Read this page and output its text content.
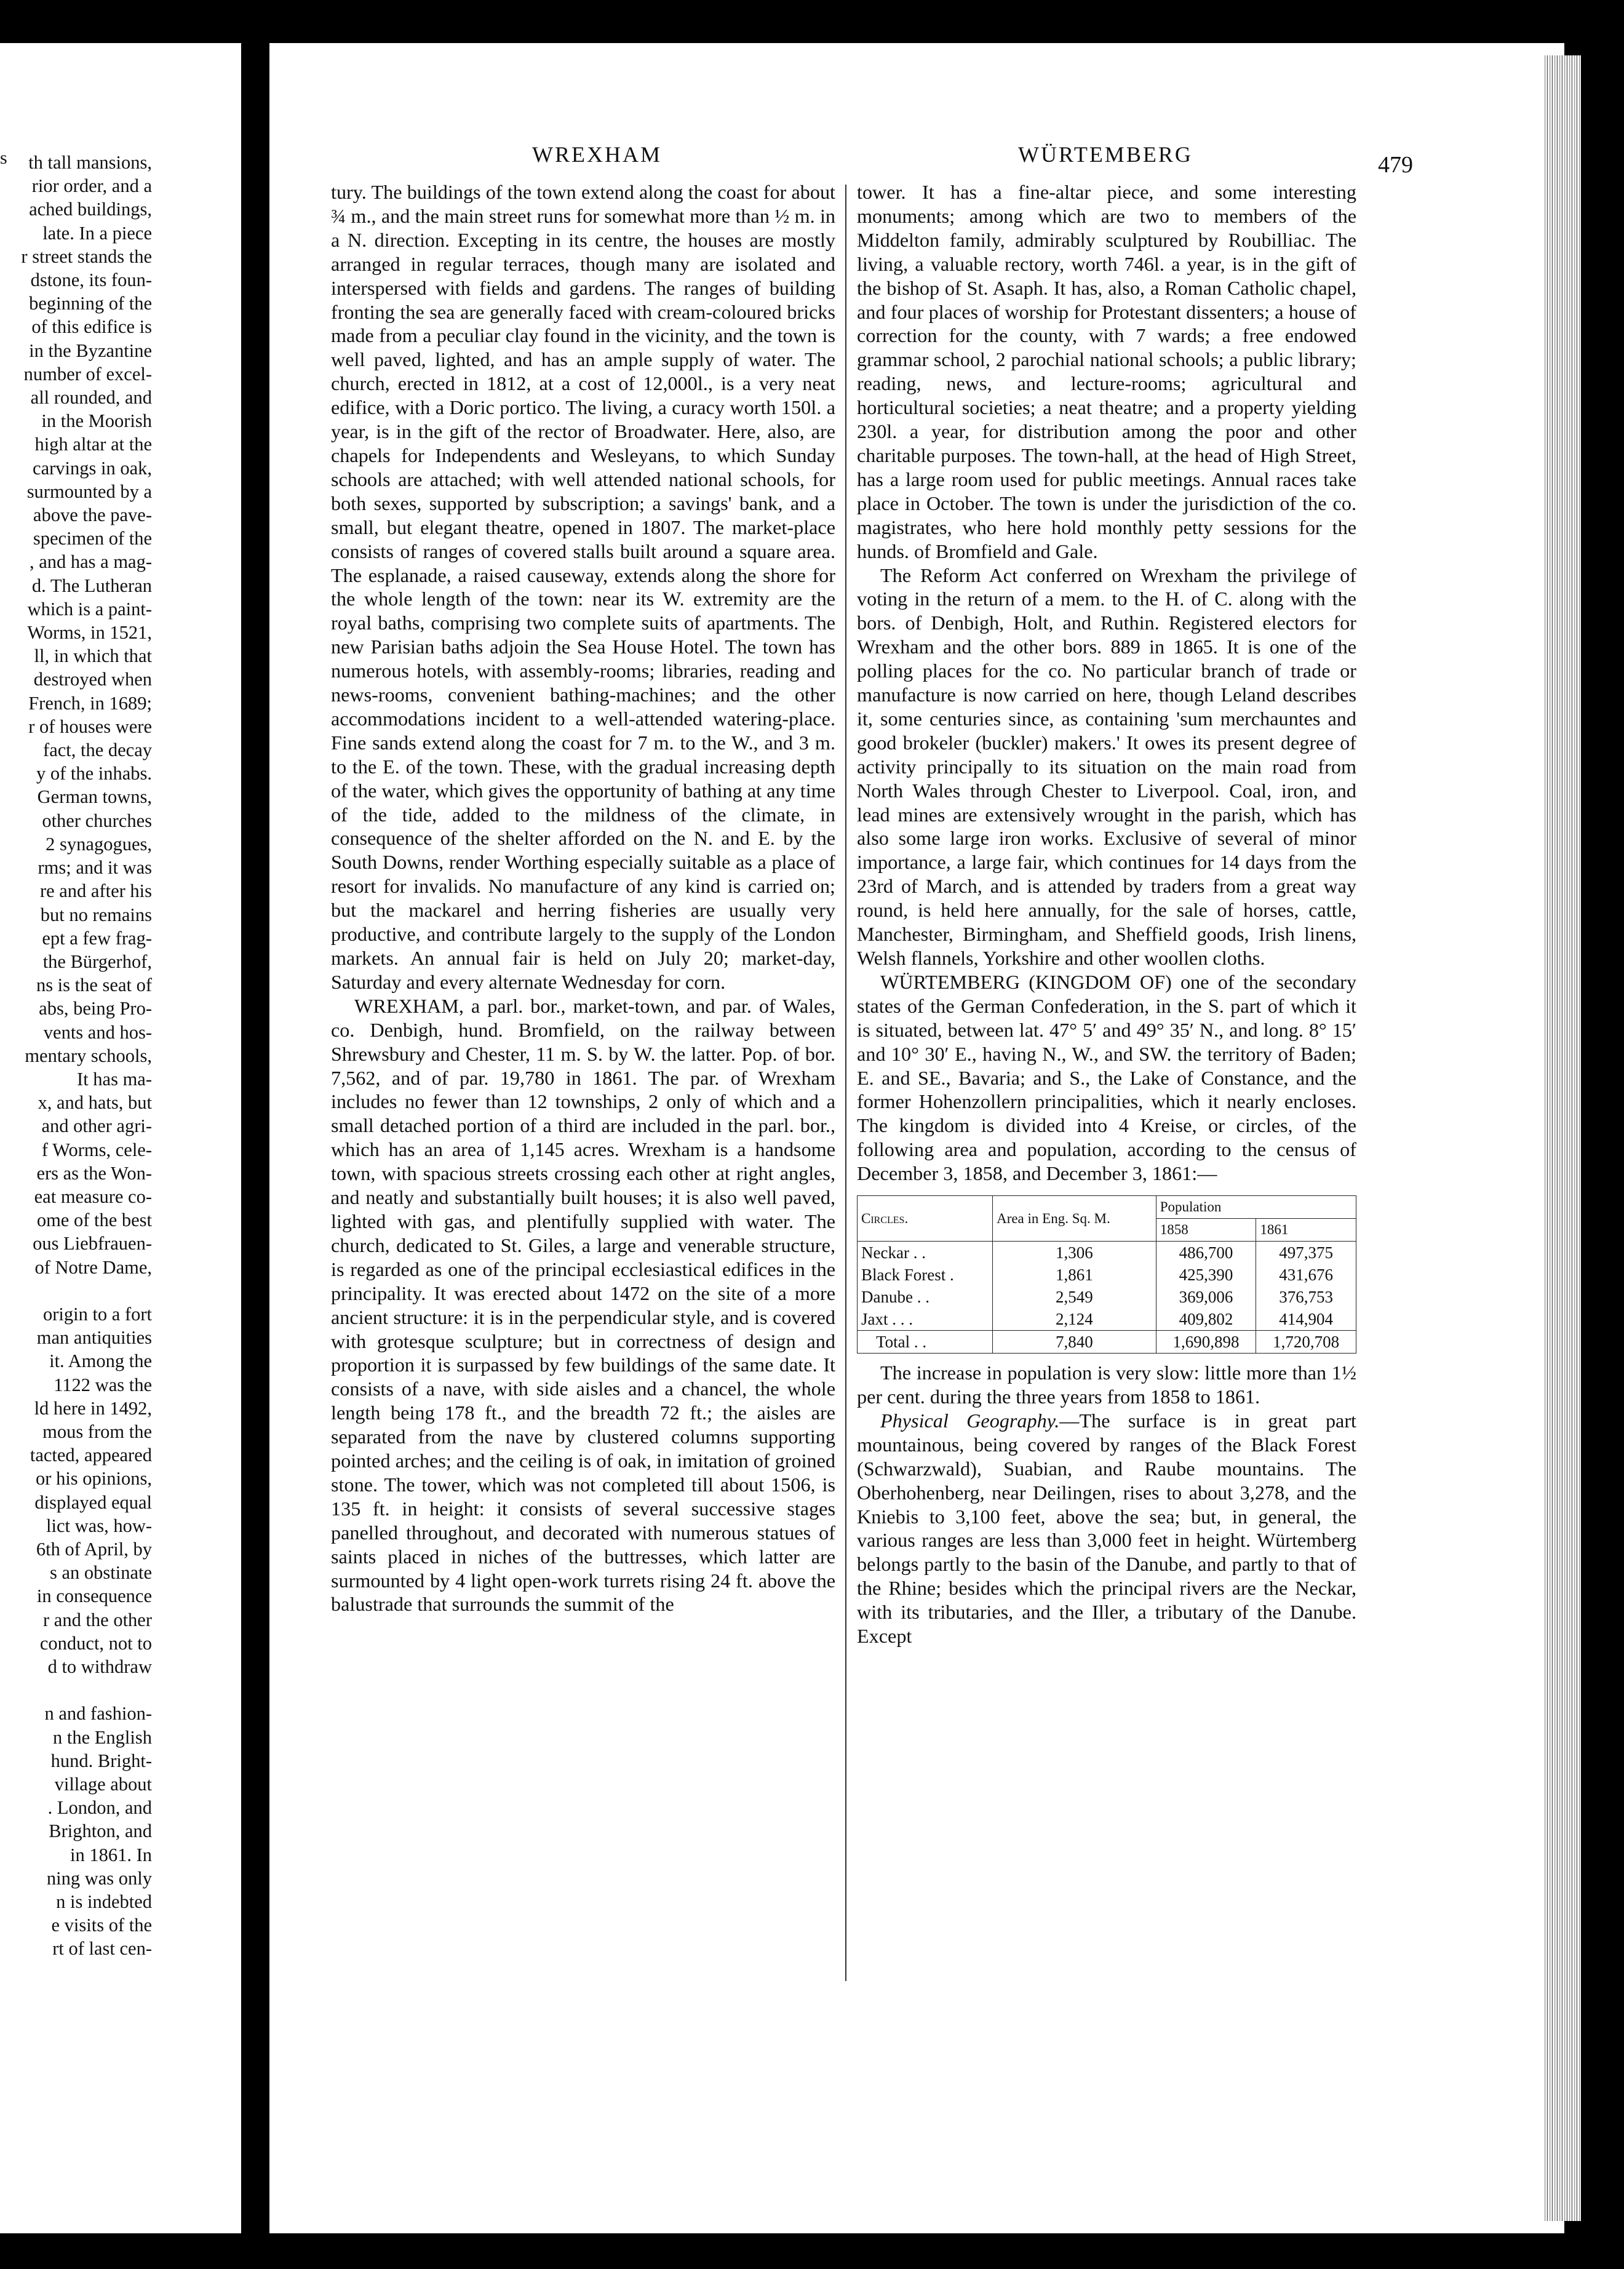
s	th tall mansions,

rior order, and a

ached buildings,

late. In a piece

r street stands the

dstone, its foun-

beginning of the

of this edifice is

in the Byzantine

number of excel-

all rounded, and

in the Moorish

high altar at the

carvings in oak,

surmounted by a

above the pave-

specimen of the

, and has a mag-

d. The Lutheran

which is a paint-

Worms, in 1521,

ll, in which that

destroyed when

French, in 1689;

r of houses were

fact, the decay

y of the inhabs.

German towns,

other churches

2 synagogues,

rms; and it was

re and after his

but no remains

ept a few frag-

the Bürgerhof,

ns is the seat of

abs, being Pro-

vents and hos-

mentary schools,

It has ma-

x, and hats, but

and other agri-

f Worms, cele-

ers as the Won-

eat measure co-

ome of the best

ous Liebfrauen-

of Notre Dame,

origin to a fort

man antiquities

it. Among the

1122 was the

ld here in 1492,

mous from the

tacted, appeared

or his opinions,

displayed equal

lict was, how-

6th of April, by

s an obstinate

in consequence

r and the other

conduct, not to

d to withdraw

n and fashion-

n the English

hund. Bright-

village about

. London, and

Brighton, and

in 1861. In

ning was only

n is indebted

e visits of the

rt of last cen-

WREXHAM	WÜRTEMBERG	479

tury. The buildings of the town extend along the coast for about ¾ m., and the main street runs for somewhat more than ½ m. in a N. direction. Excepting in its centre, the houses are mostly arranged in regular terraces, though many are isolated and interspersed with fields and gardens. The ranges of building fronting the sea are generally faced with cream-coloured bricks made from a peculiar clay found in the vicinity, and the town is well paved, lighted, and has an ample supply of water. The church, erected in 1812, at a cost of 12,000l., is a very neat edifice, with a Doric portico. The living, a curacy worth 150l. a year, is in the gift of the rector of Broadwater. Here, also, are chapels for Independents and Wesleyans, to which Sunday schools are attached; with well attended national schools, for both sexes, supported by subscription; a savings' bank, and a small, but elegant theatre, opened in 1807. The market-place consists of ranges of covered stalls built around a square area. The esplanade, a raised causeway, extends along the shore for the whole length of the town: near its W. extremity are the royal baths, comprising two complete suits of apartments. The new Parisian baths adjoin the Sea House Hotel. The town has numerous hotels, with assembly-rooms; libraries, reading and news-rooms, convenient bathing-machines; and the other accommodations incident to a well-attended watering-place. Fine sands extend along the coast for 7 m. to the W., and 3 m. to the E. of the town. These, with the gradual increasing depth of the water, which gives the opportunity of bathing at any time of the tide, added to the mildness of the climate, in consequence of the shelter afforded on the N. and E. by the South Downs, render Worthing especially suitable as a place of resort for invalids. No manufacture of any kind is carried on; but the mackarel and herring fisheries are usually very productive, and contribute largely to the supply of the London markets. An annual fair is held on July 20; market-day, Saturday and every alternate Wednesday for corn.

WREXHAM, a parl. bor., market-town, and par. of Wales, co. Denbigh, hund. Bromfield, on the railway between Shrewsbury and Chester, 11 m. S. by W. the latter. Pop. of bor. 7,562, and of par. 19,780 in 1861. The par. of Wrexham includes no fewer than 12 townships, 2 only of which and a small detached portion of a third are included in the parl. bor., which has an area of 1,145 acres. Wrexham is a handsome town, with spacious streets crossing each other at right angles, and neatly and substantially built houses; it is also well paved, lighted with gas, and plentifully supplied with water. The church, dedicated to St. Giles, a large and venerable structure, is regarded as one of the principal ecclesiastical edifices in the principality. It was erected about 1472 on the site of a more ancient structure: it is in the perpendicular style, and is covered with grotesque sculpture; but in correctness of design and proportion it is surpassed by few buildings of the same date. It consists of a nave, with side aisles and a chancel, the whole length being 178 ft., and the breadth 72 ft.; the aisles are separated from the nave by clustered columns supporting pointed arches; and the ceiling is of oak, in imitation of groined stone. The tower, which was not completed till about 1506, is 135 ft. in height: it consists of several successive stages panelled throughout, and decorated with numerous statues of saints placed in niches of the buttresses, which latter are surmounted by 4 light open-work turrets rising 24 ft. above the balustrade that surrounds the summit of the

tower. It has a fine-altar piece, and some interesting monuments; among which are two to members of the Middelton family, admirably sculptured by Roubilliac. The living, a valuable rectory, worth 746l. a year, is in the gift of the bishop of St. Asaph. It has, also, a Roman Catholic chapel, and four places of worship for Protestant dissenters; a house of correction for the county, with 7 wards; a free endowed grammar school, 2 parochial national schools; a public library; reading, news, and lecture-rooms; agricultural and horticultural societies; a neat theatre; and a property yielding 230l. a year, for distribution among the poor and other charitable purposes. The town-hall, at the head of High Street, has a large room used for public meetings. Annual races take place in October. The town is under the jurisdiction of the co. magistrates, who here hold monthly petty sessions for the hunds. of Bromfield and Gale.

The Reform Act conferred on Wrexham the privilege of voting in the return of a mem. to the H. of C. along with the bors. of Denbigh, Holt, and Ruthin. Registered electors for Wrexham and the other bors. 889 in 1865. It is one of the polling places for the co. No particular branch of trade or manufacture is now carried on here, though Leland describes it, some centuries since, as containing 'sum merchauntes and good brokeler (buckler) makers.' It owes its present degree of activity principally to its situation on the main road from North Wales through Chester to Liverpool. Coal, iron, and lead mines are extensively wrought in the parish, which has also some large iron works. Exclusive of several of minor importance, a large fair, which continues for 14 days from the 23rd of March, and is attended by traders from a great way round, is held here annually, for the sale of horses, cattle, Manchester, Birmingham, and Sheffield goods, Irish linens, Welsh flannels, Yorkshire and other woollen cloths.

WÜRTEMBERG (KINGDOM OF) one of the secondary states of the German Confederation, in the S. part of which it is situated, between lat. 47° 5′ and 49° 35′ N., and long. 8° 15′ and 10° 30′ E., having N., W., and SW. the territory of Baden; E. and SE., Bavaria; and S., the Lake of Constance, and the former Hohenzollern principalities, which it nearly encloses. The kingdom is divided into 4 Kreise, or circles, of the following area and population, according to the census of December 3, 1858, and December 3, 1861:—

Circles.	Area in Eng. Sq. M.	Population	
		1858	1861
Neckar . .	1,306	486,700	497,375
Black Forest .	1,861	425,390	431,676
Danube . .	2,549	369,006	376,753
Jaxt . . .	2,124	409,802	414,904
Total . .	7,840	1,690,898	1,720,708

The increase in population is very slow: little more than 1½ per cent. during the three years from 1858 to 1861.

Physical Geography.—The surface is in great part mountainous, being covered by ranges of the Black Forest (Schwarzwald), Suabian, and Raube mountains. The Oberhohenberg, near Deilingen, rises to about 3,278, and the Kniebis to 3,100 feet, above the sea; but, in general, the various ranges are less than 3,000 feet in height. Würtemberg belongs partly to the basin of the Danube, and partly to that of the Rhine; besides which the principal rivers are the Neckar, with its tributaries, and the Iller, a tributary of the Danube. Except
